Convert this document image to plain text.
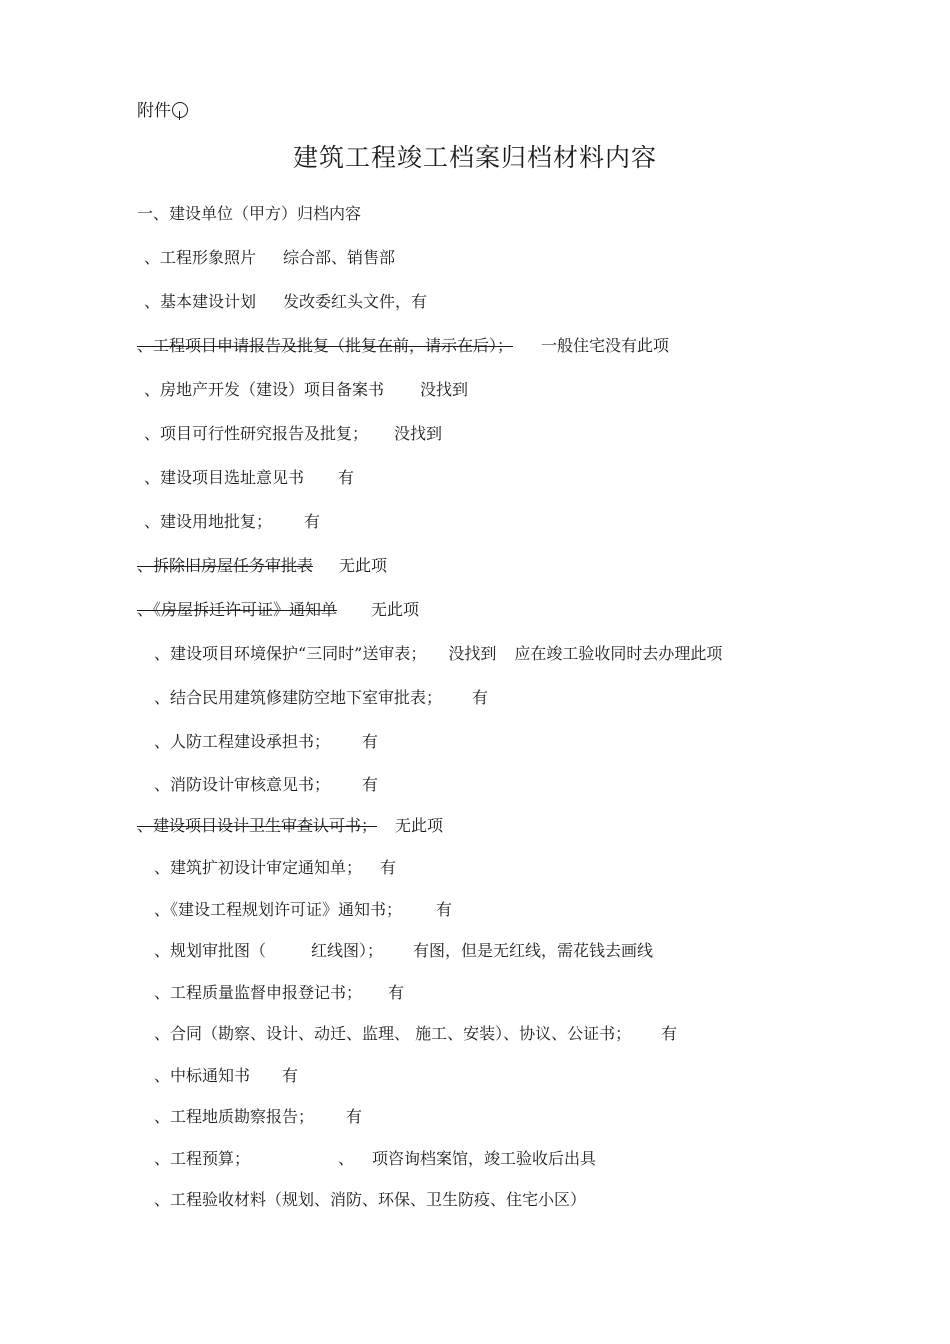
附件
建筑工程竣工档案归档材料内容
一、建设单位（甲方）归档内容
、工程形象照片 综合部、销售部
、基本建设计划 发改委红头文件，有
、工程项目申请报告及批复（批复在前，请示在后）； 一般住宅没有此项
、房地产开发（建设）项目备案书 没找到
、项目可行性研究报告及批复； 没找到
、建设项目选址意见书 有
、建设用地批复； 有
、拆除旧房屋任务审批表 无此项
、《房屋拆迁许可证》通知单 无此项
、建设项目环境保护“三同时”送审表； 没找到 应在竣工验收同时去办理此项
、结合民用建筑修建防空地下室审批表； 有
、人防工程建设承担书； 有
、消防设计审核意见书； 有
、建设项目设计卫生审查认可书； 无此项
、建筑扩初设计审定通知单； 有
、《建设工程规划许可证》通知书； 有
、规划审批图（	红线图）； 有图，但是无红线，需花钱去画线
、工程质量监督申报登记书； 有
、合同（勘察、设计、动迁、监理、 施工、安装）、协议、公证书； 有
、中标通知书 有
、工程地质勘察报告； 有
、工程预算；	、 项咨询档案馆，竣工验收后出具
、工程验收材料（规划、消防、环保、卫生防疫、住宅小区）
